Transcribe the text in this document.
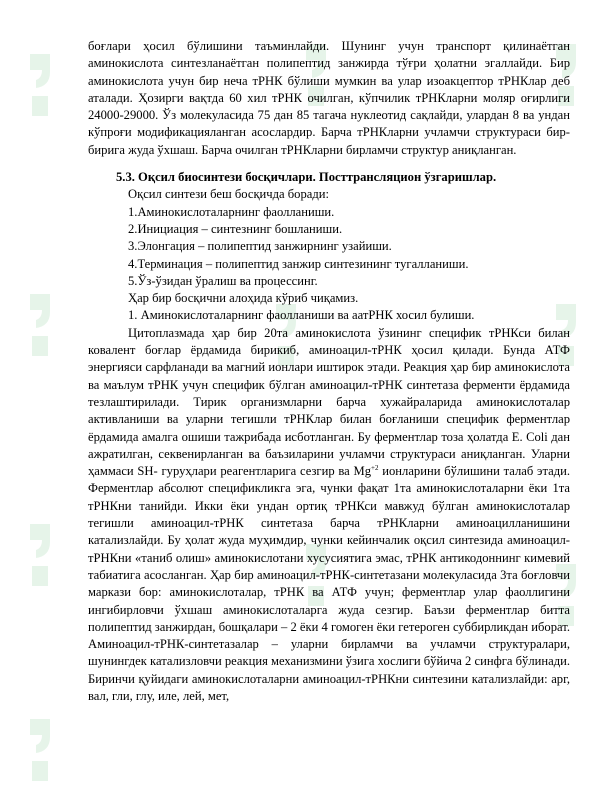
боғлари ҳосил бўлишини таъминлайди. Шунинг учун транспорт қилинаётган аминокислота синтезланаётган полипептид занжирда тўғри ҳолатни эгаллайди. Бир аминокислота учун бир неча тРНК бўлиши мумкин ва улар изоакцептор тРНКлар деб аталади. Ҳозирги вақтда 60 хил тРНК очилган, кўпчилик тРНКларни моляр оғирлиги 24000-29000. Ўз молекуласида 75 дан 85 тагача нуклеотид сақлайди, улардан 8 ва ундан кўпроғи модификацияланган асослардир. Барча тРНКларни учламчи структураси бир-бирига жуда ўхшаш. Барча очилган тРНКларни бирламчи структур аниқланган.

5.3. Оқсил биосинтези босқичлари. Посттрансляцион ўзгаришлар.

Оқсил синтези беш босқичда боради:

1.Аминокислоталарнинг фаолланиши.

2.Инициация – синтезнинг бошланиши.

3.Элонгация – полипептид занжирнинг узайиши.

4.Терминация – полипептид занжир синтезининг тугалланиши.

5.Ўз-ўзидан ўралиш ва процессинг.

Ҳар бир босқични алоҳида кўриб чиқамиз.

1. Аминокислоталарнинг фаолланиши ва аатРНК хосил булиши.

Цитоплазмада ҳар бир 20та аминокислота ўзининг специфик тРНКси билан ковалент боғлар ёрдамида бирикиб, аминоацил-тРНК ҳосил қилади. Бунда АТФ энергияси сарфланади ва магний ионлари иштирок этади. Реакция ҳар бир аминокислота ва маълум тРНК учун специфик бўлган аминоацил-тРНК синтетаза ферменти ёрдамида тезлаштирилади. Тирик организмларни барча хужайраларида аминокислоталар активланиши ва уларни тегишли тРНКлар билан боғланиши специфик ферментлар ёрдамида амалга ошиши тажрибада исботланган. Бу ферментлар тоза ҳолатда E. Coli дан ажратилган, секвенирланган ва бaъзиларини учламчи структураси аниқланган. Уларни ҳаммаси SH- гуруҳлари реагентларига сезгир ва $Mg^{+2}$ ионларини бўлишини талаб этади. Ферментлар абсолют спецификликга эга, чунки фақат 1та аминокислоталарни ёки 1та тРНКни танийди. Икки ёки ундан ортиқ тРНКси мавжуд бўлган аминокислоталар тегишли аминоацил-тРНК синтетаза барча тРНКларни аминоацилланишини катализлайди. Бу ҳолат жуда муҳимдир, чунки кейинчалик оқсил синтезида аминоацил-тРНКни «таниб олиш» аминокислотани хусусиятига эмас, тРНК антикодоннинг кимевий табиатига асосланган. Ҳар бир аминоацил-тРНК-синтетазани молекуласида 3та боғловчи маркази бор: аминокислоталар, тРНК ва АТФ учун; ферментлар улар фаоллигини ингибирловчи ўхшаш аминокислоталарга жуда сезгир. Баъзи ферментлар битта полипептид занжирдан, бошқалари – 2 ёки 4 гомоген ёки гетероген суббирликдан иборат. Аминоацил-тРНК-синтетазалар – уларни бирламчи ва учламчи структуралари, шунингдек катализловчи реакция механизмини ўзига хослиги бўйича 2 синфга бўлинади. Биринчи қуйидаги аминокислоталарни аминоацил-тРНКни синтезини катализлайди: арг, вал, гли, глу, иле, лей, мет,
